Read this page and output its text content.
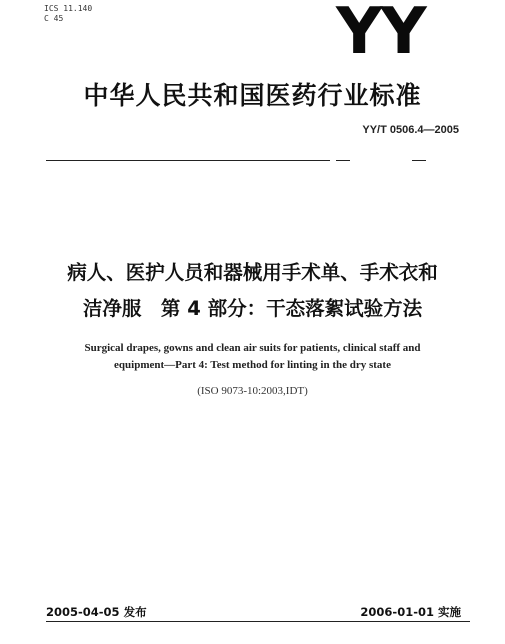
ICS 11.140
C 45	YY
中华人民共和国医药行业标准
YY/T 0506.4—2005
病人、医护人员和器械用手术单、手术衣和
洁净服　第 4 部分：干态落絮试验方法
Surgical drapes, gowns and clean air suits for patients, clinical staff and
equipment—Part 4: Test method for linting in the dry state
(ISO 9073-10:2003,IDT)
2005-04-05 发布	2006-01-01 实施
